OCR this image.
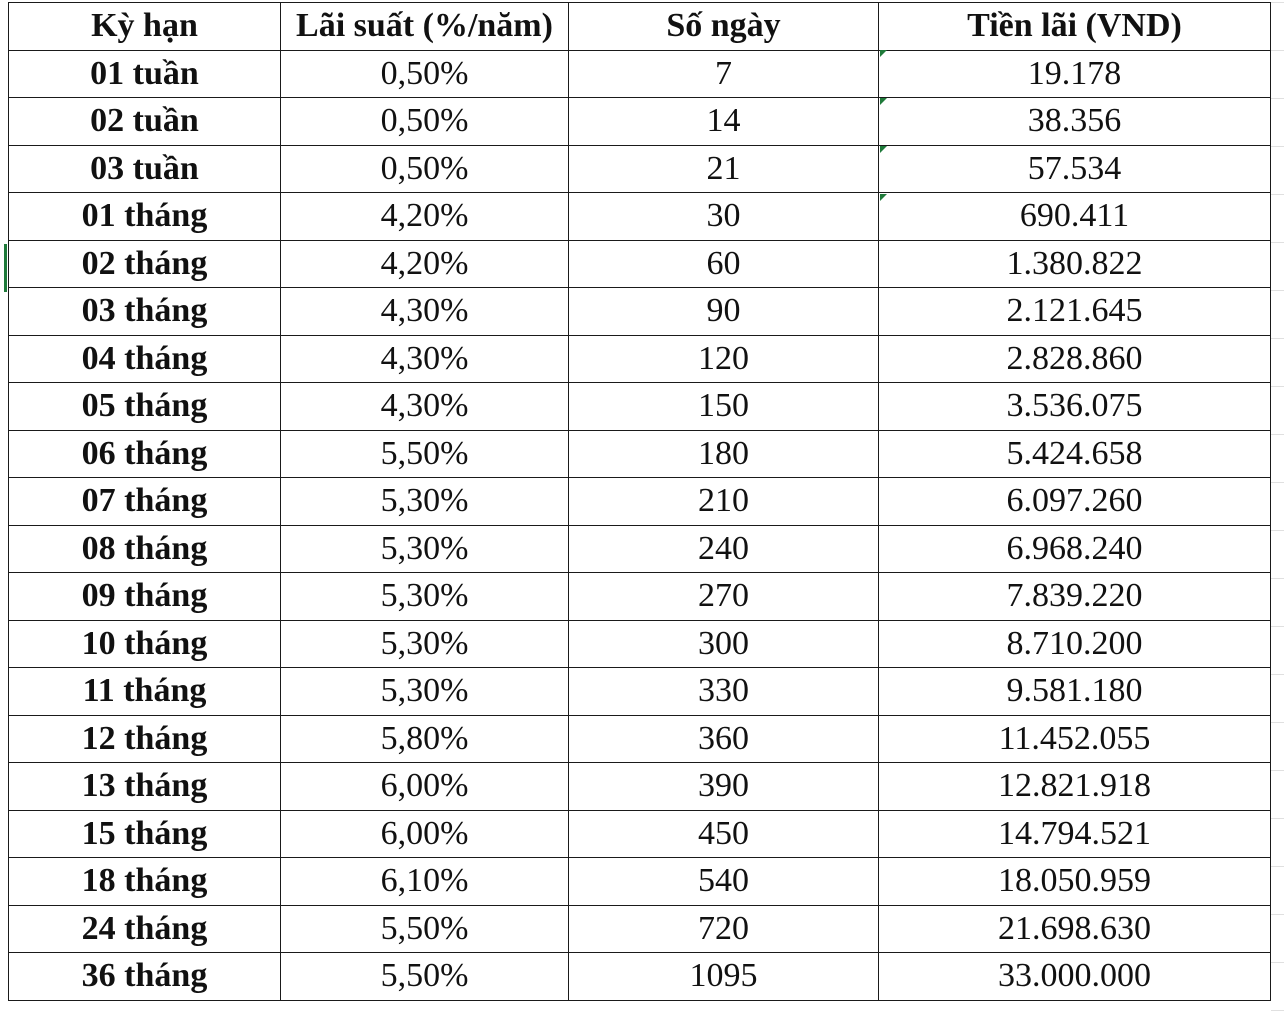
Kỳ hạn	Lãi suất (%/năm)	Số ngày	Tiền lãi (VND)
01 tuần	0,50%	7	19.178
02 tuần	0,50%	14	38.356
03 tuần	0,50%	21	57.534
01 tháng	4,20%	30	690.411
02 tháng	4,20%	60	1.380.822
03 tháng	4,30%	90	2.121.645
04 tháng	4,30%	120	2.828.860
05 tháng	4,30%	150	3.536.075
06 tháng	5,50%	180	5.424.658
07 tháng	5,30%	210	6.097.260
08 tháng	5,30%	240	6.968.240
09 tháng	5,30%	270	7.839.220
10 tháng	5,30%	300	8.710.200
11 tháng	5,30%	330	9.581.180
12 tháng	5,80%	360	11.452.055
13 tháng	6,00%	390	12.821.918
15 tháng	6,00%	450	14.794.521
18 tháng	6,10%	540	18.050.959
24 tháng	5,50%	720	21.698.630
36 tháng	5,50%	1095	33.000.000
